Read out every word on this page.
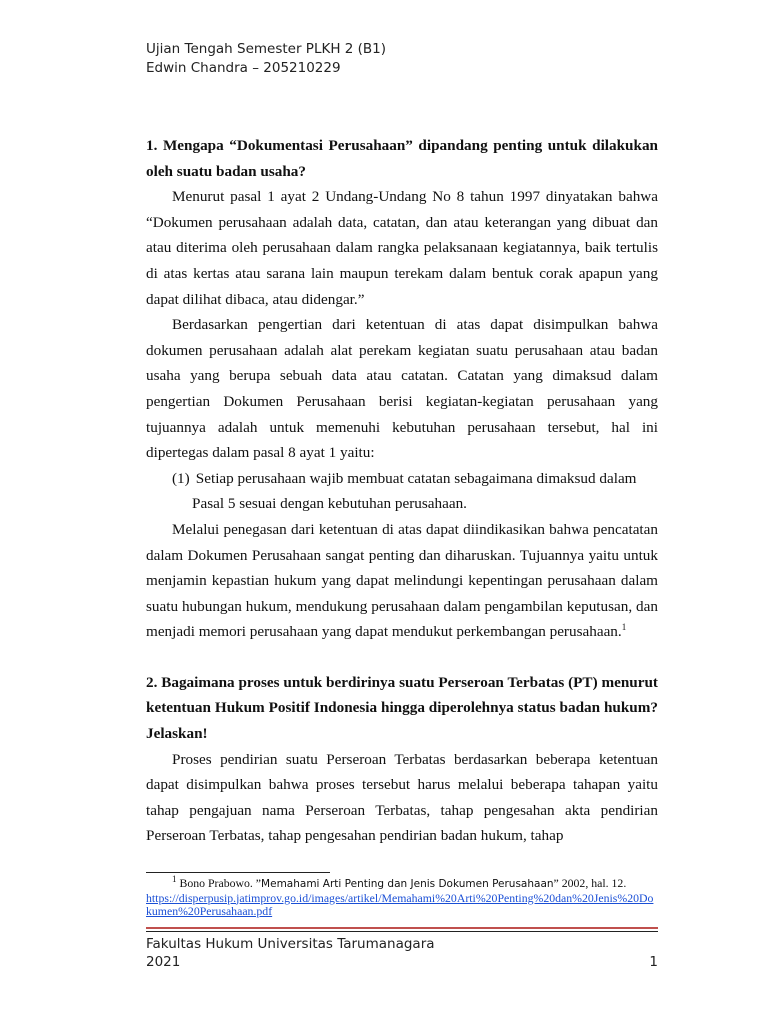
Ujian Tengah Semester PLKH 2 (B1)
Edwin Chandra – 205210229

1. Mengapa “Dokumentasi Perusahaan” dipandang penting untuk dilakukan oleh suatu badan usaha?

Menurut pasal 1 ayat 2 Undang-Undang No 8 tahun 1997 dinyatakan bahwa “Dokumen perusahaan adalah data, catatan, dan atau keterangan yang dibuat dan atau diterima oleh perusahaan dalam rangka pelaksanaan kegiatannya, baik tertulis di atas kertas atau sarana lain maupun terekam dalam bentuk corak apapun yang dapat dilihat dibaca, atau didengar.”

Berdasarkan pengertian dari ketentuan di atas dapat disimpulkan bahwa dokumen perusahaan adalah alat perekam kegiatan suatu perusahaan atau badan usaha yang berupa sebuah data atau catatan. Catatan yang dimaksud dalam pengertian Dokumen Perusahaan berisi kegiatan-kegiatan perusahaan yang tujuannya adalah untuk memenuhi kebutuhan perusahaan tersebut, hal ini dipertegas dalam pasal 8 ayat 1 yaitu:

(1) Setiap perusahaan wajib membuat catatan sebagaimana dimaksud dalam

Pasal 5 sesuai dengan kebutuhan perusahaan.

Melalui penegasan dari ketentuan di atas dapat diindikasikan bahwa pencatatan dalam Dokumen Perusahaan sangat penting dan diharuskan. Tujuannya yaitu untuk menjamin kepastian hukum yang dapat melindungi kepentingan perusahaan dalam suatu hubungan hukum, mendukung perusahaan dalam pengambilan keputusan, dan menjadi memori perusahaan yang dapat mendukut perkembangan perusahaan.$^1$

2. Bagaimana proses untuk berdirinya suatu Perseroan Terbatas (PT) menurut ketentuan Hukum Positif Indonesia hingga diperolehnya status badan hukum? Jelaskan!

Proses pendirian suatu Perseroan Terbatas berdasarkan beberapa ketentuan dapat disimpulkan bahwa proses tersebut harus melalui beberapa tahapan yaitu tahap pengajuan nama Perseroan Terbatas, tahap pengesahan akta pendirian Perseroan Terbatas, tahap pengesahan pendirian badan hukum, tahap

$^1$ Bono Prabowo. ”Memahami Arti Penting dan Jenis Dokumen Perusahaan” 2002, hal. 12.
https://disperpusip.jatimprov.go.id/images/artikel/Memahami%20Arti%20Penting%20dan%20Jenis%20Dokumen%20Perusahaan.pdf
Fakultas Hukum Universitas Tarumanagara
2021	1
